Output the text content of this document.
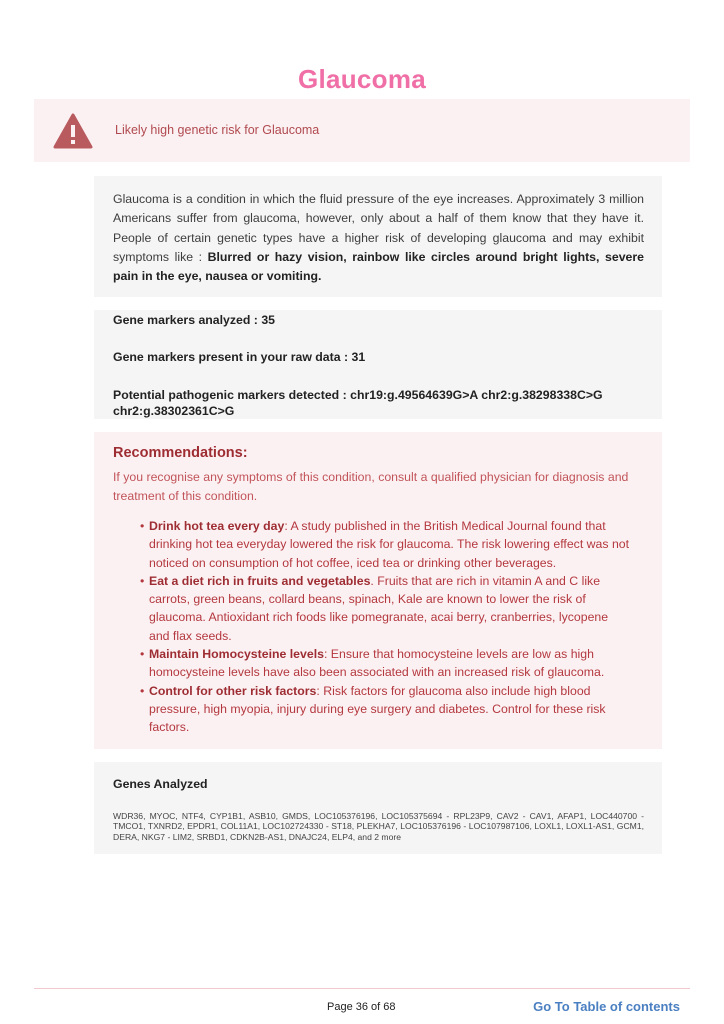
Glaucoma
Likely high genetic risk for Glaucoma
Glaucoma is a condition in which the fluid pressure of the eye increases. Approximately 3 million Americans suffer from glaucoma, however, only about a half of them know that they have it. People of certain genetic types have a higher risk of developing glaucoma and may exhibit symptoms like : Blurred or hazy vision, rainbow like circles around bright lights, severe pain in the eye, nausea or vomiting.
Gene markers analyzed : 35
Gene markers present in your raw data : 31
Potential pathogenic markers detected : chr19:g.49564639G>A chr2:g.38298338C>G chr2:g.38302361C>G
Recommendations:
If you recognise any symptoms of this condition, consult a qualified physician for diagnosis and treatment of this condition.
• Drink hot tea every day: A study published in the British Medical Journal found that drinking hot tea everyday lowered the risk for glaucoma. The risk lowering effect was not noticed on consumption of hot coffee, iced tea or drinking other beverages.
• Eat a diet rich in fruits and vegetables. Fruits that are rich in vitamin A and C like carrots, green beans, collard beans, spinach, Kale are known to lower the risk of glaucoma. Antioxidant rich foods like pomegranate, acai berry, cranberries, lycopene and flax seeds.
• Maintain Homocysteine levels: Ensure that homocysteine levels are low as high homocysteine levels have also been associated with an increased risk of glaucoma.
• Control for other risk factors: Risk factors for glaucoma also include high blood pressure, high myopia, injury during eye surgery and diabetes. Control for these risk factors.
Genes Analyzed
WDR36, MYOC, NTF4, CYP1B1, ASB10, GMDS, LOC105376196, LOC105375694 - RPL23P9, CAV2 - CAV1, AFAP1, LOC440700 - TMCO1, TXNRD2, EPDR1, COL11A1, LOC102724330 - ST18, PLEKHA7, LOC105376196 - LOC107987106, LOXL1, LOXL1-AS1, GCM1, DERA, NKG7 - LIM2, SRBD1, CDKN2B-AS1, DNAJC24, ELP4, and 2 more
Page 36 of 68	Go To Table of contents
